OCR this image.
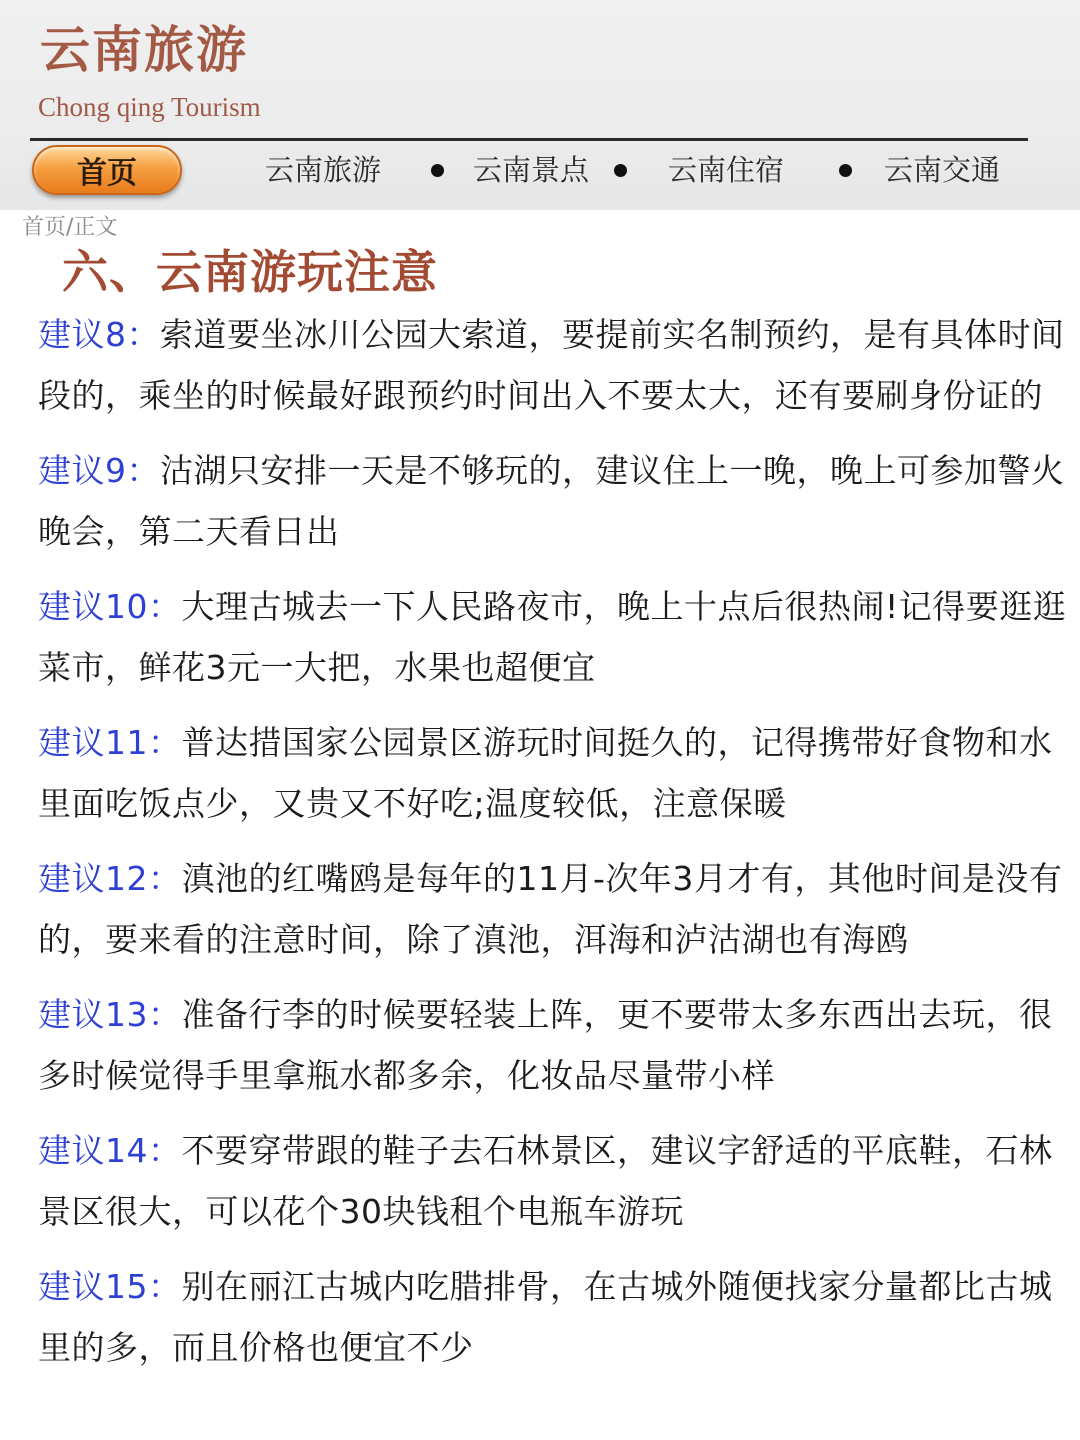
云南旅游
Chong qing Tourism
首页	云南旅游	云南景点	云南住宿	云南交通
首页/正文
六、云南游玩注意

建议8：索道要坐冰川公园大索道，要提前实名制预约，是有具体时间段的，乘坐的时候最好跟预约时间出入不要太大，还有要刷身份证的

建议9：沽湖只安排一天是不够玩的，建议住上一晚，晚上可参加警火晚会，第二天看日出

建议10：大理古城去一下人民路夜市，晚上十点后很热闹!记得要逛逛菜市，鲜花3元一大把，水果也超便宜

建议11：普达措国家公园景区游玩时间挺久的，记得携带好食物和水里面吃饭点少，又贵又不好吃;温度较低，注意保暖

建议12：滇池的红嘴鸥是每年的11月-次年3月才有，其他时间是没有的，要来看的注意时间，除了滇池，洱海和泸沽湖也有海鸥

建议13：准备行李的时候要轻装上阵，更不要带太多东西出去玩，很多时候觉得手里拿瓶水都多余，化妆品尽量带小样

建议14：不要穿带跟的鞋子去石林景区，建议字舒适的平底鞋，石林景区很大，可以花个30块钱租个电瓶车游玩

建议15：别在丽江古城内吃腊排骨，在古城外随便找家分量都比古城里的多，而且价格也便宜不少
